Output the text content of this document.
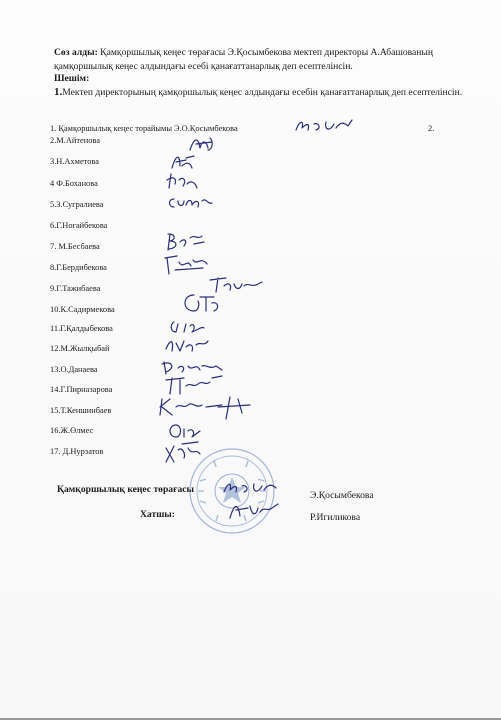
Сөз алды: Қамқоршылық кеңес төрағасы Э.Қосымбекова мектеп директоры А.Абашованың қамқоршылық кеңес алдындағы есебі қанағаттанарлық деп есептелінсін.
Шешім:
1.Мектеп директорының қамқоршылық кеңес алдындағы есебін қанағаттанарлық деп есептелінсін.
2.
1. Қамқоршылық кеңес торайымы Э.О.Қосымбекова
2.М.Айтенова
3.Н.Ахметова
4 Ф.Боханова
5.З.Сугралиева
6.Г.Ногайбекова
7. М.Бесбаева
8.Г.Бердибекова
9.Г.Тажибаева
10.К.Садирмекова
11.Г.Қалдыбекова
12.М.Жылқыбай
13.О.Данаева
14.Г.Пирназарова
15.Т.Кеншинбаев
16.Ж.Өлмес
17. Д.Нурзатов
Қамқоршылық кеңес төрағасы
Э.Қосымбекова
Хатшы:	Р.Игиликова
